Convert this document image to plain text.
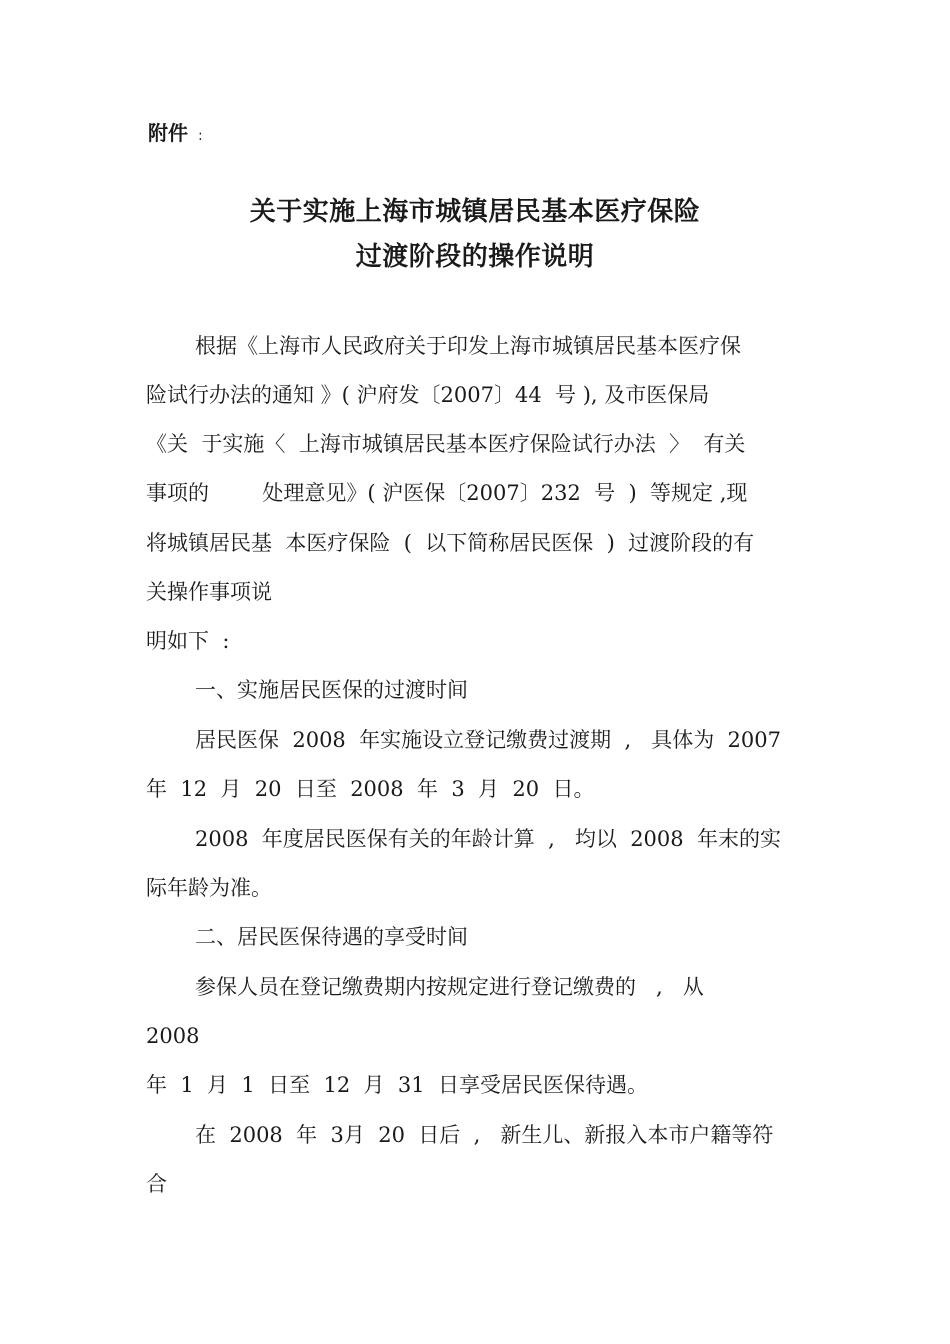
附件 :
关于实施上海市城镇居民基本医疗保险
过渡阶段的操作说明
根据《上海市人民政府关于印发上海市城镇居民基本医疗保
险试行办法的通知 》( 沪府发〔2007〕44  号 ), 及市医保局
《关  于实施〈  上海市城镇居民基本医疗保险试行办法  〉  有关
事项的        处理意见》( 沪医保〔2007〕232  号  )  等规定 ,现
将城镇居民基  本医疗保险  (  以下简称居民医保  )  过渡阶段的有
关操作事项说
明如下  :
一、实施居民医保的过渡时间
居民医保  2008  年实施设立登记缴费过渡期  ,   具体为  2007
年  12  月  20  日至  2008  年  3  月  20  日。
2008  年度居民医保有关的年龄计算  ,   均以  2008  年末的实
际年龄为准。
二、居民医保待遇的享受时间
参保人员在登记缴费期内按规定进行登记缴费的   ,   从
2008
年  1  月  1  日至  12  月  31  日享受居民医保待遇。
在  2008  年  3月  20  日后  ,   新生儿、新报入本市户籍等符
合
